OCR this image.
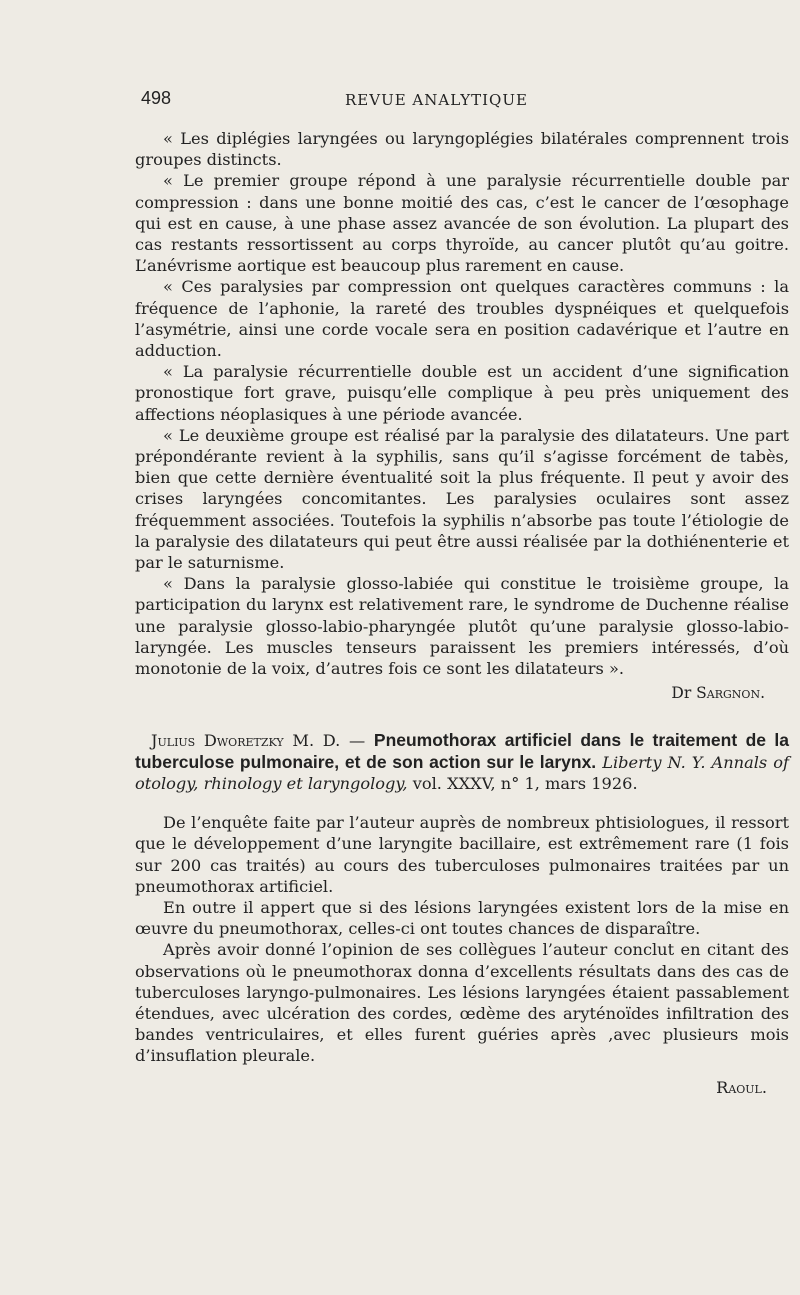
498	REVUE ANALYTIQUE

« Les diplégies laryngées ou laryngoplégies bilatérales comprennent trois groupes distincts.

« Le premier groupe répond à une paralysie récurrentielle double par compression : dans une bonne moitié des cas, c’est le cancer de l’œsophage qui est en cause, à une phase assez avancée de son évolution. La plupart des cas restants ressortissent au corps thyroïde, au cancer plutôt qu’au goitre. L’anévrisme aortique est beaucoup plus rarement en cause.

« Ces paralysies par compression ont quelques caractères communs : la fréquence de l’aphonie, la rareté des troubles dyspnéiques et quelquefois l’asymétrie, ainsi une corde vocale sera en position cadavérique et l’autre en adduction.

« La paralysie récurrentielle double est un accident d’une signification pronostique fort grave, puisqu’elle complique à peu près uniquement des affections néoplasiques à une période avancée.

« Le deuxième groupe est réalisé par la paralysie des dilatateurs. Une part prépondérante revient à la syphilis, sans qu’il s’agisse forcément de tabès, bien que cette dernière éventualité soit la plus fréquente. Il peut y avoir des crises laryngées concomitantes. Les paralysies oculaires sont assez fréquemment associées. Toutefois la syphilis n’absorbe pas toute l’étiologie de la paralysie des dilatateurs qui peut être aussi réalisée par la dothiénenterie et par le saturnisme.

« Dans la paralysie glosso-labiée qui constitue le troisième groupe, la participation du larynx est relativement rare, le syndrome de Duchenne réalise une paralysie glosso-labio-pharyngée plutôt qu’une paralysie glosso-labio-laryngée. Les muscles tenseurs paraissent les premiers intéressés, d’où monotonie de la voix, d’autres fois ce sont les dilatateurs ».

Dr Sargnon.

Julius Dworetzky M. D. — Pneumothorax artificiel dans le traitement de la tuberculose pulmonaire, et de son action sur le larynx. Liberty N. Y. Annals of otology, rhinology et laryngology, vol. XXXV, n° 1, mars 1926.

De l’enquête faite par l’auteur auprès de nombreux phtisiologues, il ressort que le développement d’une laryngite bacillaire, est extrêmement rare (1 fois sur 200 cas traités) au cours des tuberculoses pulmonaires traitées par un pneumothorax artificiel.

En outre il appert que si des lésions laryngées existent lors de la mise en œuvre du pneumothorax, celles-ci ont toutes chances de disparaître.

Après avoir donné l’opinion de ses collègues l’auteur conclut en citant des observations où le pneumothorax donna d’excellents résultats dans des cas de tuberculoses laryngo-pulmonaires. Les lésions laryngées étaient passablement étendues, avec ulcération des cordes, œdème des aryténoïdes infiltration des bandes ventriculaires, et elles furent guéries après ,avec plusieurs mois d’insuflation pleurale.

Raoul.
